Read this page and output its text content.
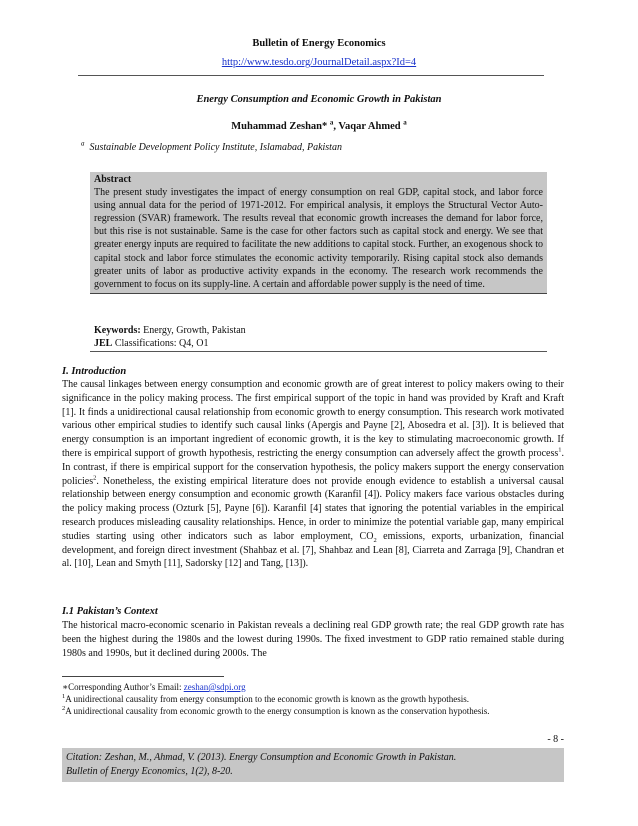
Bulletin of Energy Economics
http://www.tesdo.org/JournalDetail.aspx?Id=4
Energy Consumption and Economic Growth in Pakistan
Muhammad Zeshan* $^a$, Vaqar Ahmed $^a$
$^a$ Sustainable Development Policy Institute, Islamabad, Pakistan
Abstract

The present study investigates the impact of energy consumption on real GDP, capital stock, and labor force using annual data for the period of 1971-2012. For empirical analysis, it employs the Structural Vector Auto-regression (SVAR) framework. The results reveal that economic growth increases the demand for labor force, but this rise is not sustainable. Same is the case for other factors such as capital stock and energy. We see that greater energy inputs are required to facilitate the new additions to capital stock. Further, an exogenous shock to capital stock and labor force stimulates the economic activity temporarily. Rising capital stock also demands greater units of labor as productive activity expands in the economy. The research work recommends the government to focus on its supply-line. A certain and affordable power supply is the need of time.

Keywords: Energy, Growth, Pakistan
JEL Classifications: Q4, O1
I. Introduction
The causal linkages between energy consumption and economic growth are of great interest to policy makers owing to their significance in the policy making process. The first empirical support of the topic in hand was provided by Kraft and Kraft [1]. It finds a unidirectional causal relationship from economic growth to energy consumption. This research work motivated various other empirical studies to identify such causal links (Apergis and Payne [2], Abosedra et al. [3]). It is believed that energy consumption is an important ingredient of economic growth, it is the key to stimulating macroeconomic growth. If there is empirical support of growth hypothesis, restricting the energy consumption can adversely affect the growth process$^1$. In contrast, if there is empirical support for the conservation hypothesis, the policy makers support the energy conservation policies$^2$. Nonetheless, the existing empirical literature does not provide enough evidence to establish a universal causal relationship between energy consumption and economic growth (Karanfil [4]). Policy makers face various obstacles during the policy making process (Ozturk [5], Payne [6]). Karanfil [4] states that ignoring the potential variables in the empirical research produces misleading causality relationships. Hence, in order to minimize the potential variable gap, many empirical studies starting using other indicators such as labor employment, $CO_2$ emissions, exports, urbanization, financial development, and foreign direct investment (Shahbaz et al. [7], Shahbaz and Lean [8], Ciarreta and Zarraga [9], Chandran et al. [10], Lean and Smyth [11], Sadorsky [12] and Tang, [13]).
I.1 Pakistan’s Context
The historical macro-economic scenario in Pakistan reveals a declining real GDP growth rate; the real GDP growth rate has been the highest during the 1980s and the lowest during 1990s. The fixed investment to GDP ratio remained stable during 1980s and 1990s, but it declined during 2000s. The
∗Corresponding Author’s Email: zeshan@sdpi.org
$^1$A unidirectional causality from energy consumption to the economic growth is known as the growth hypothesis.
$^2$A unidirectional causality from economic growth to the energy consumption is known as the conservation hypothesis.
- 8 -
Citation: Zeshan, M., Ahmad, V. (2013). Energy Consumption and Economic Growth in Pakistan.
Bulletin of Energy Economics, 1(2), 8-20.
